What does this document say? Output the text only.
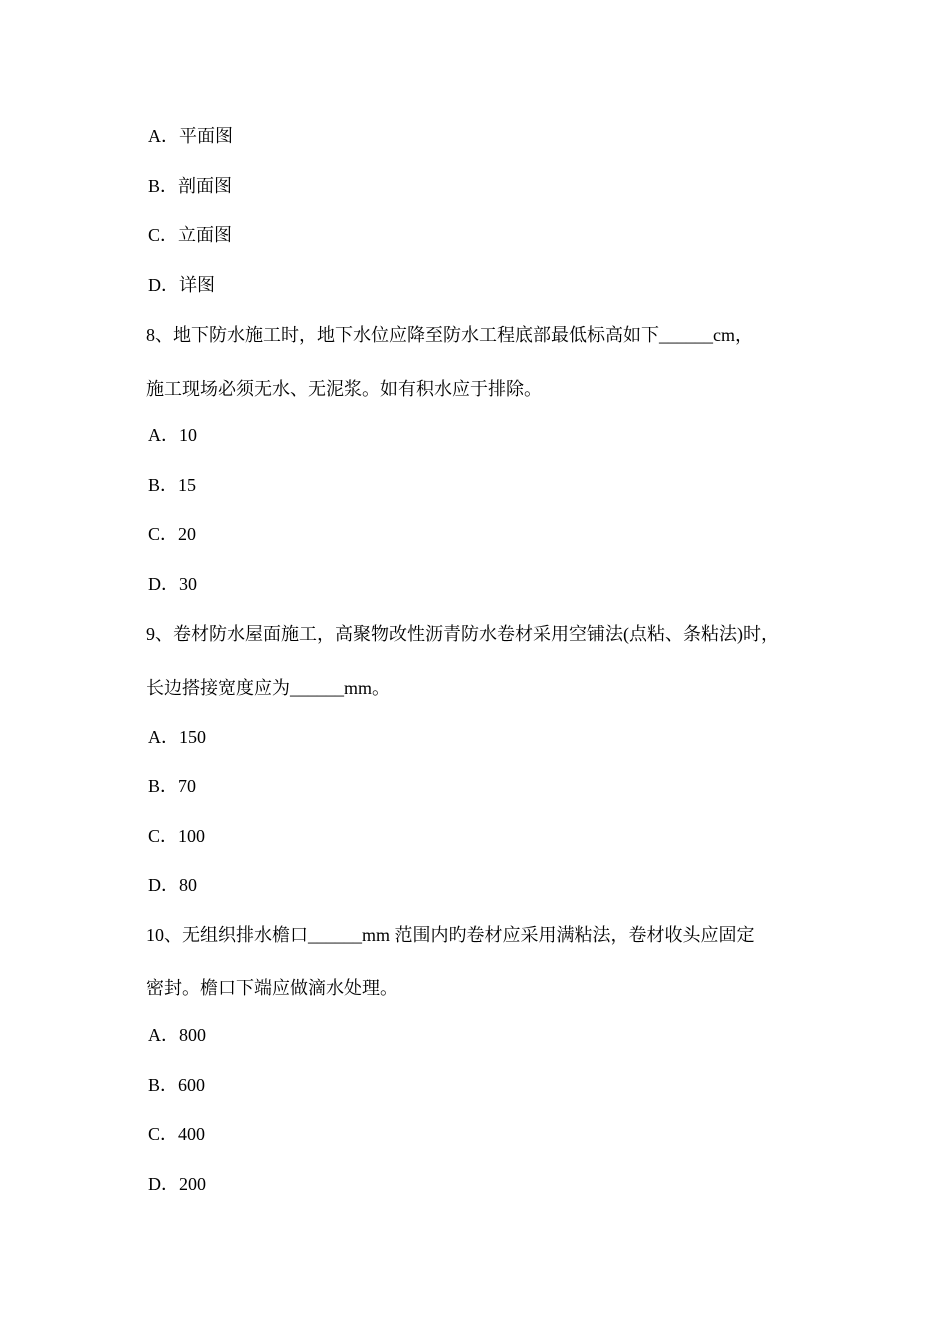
A．平面图
B．剖面图
C．立面图
D．详图
8、地下防水施工时，地下水位应降至防水工程底部最低标高如下______cm，
施工现场必须无水、无泥浆。如有积水应于排除。
A．10
B．15
C．20
D．30
9、卷材防水屋面施工，高聚物改性沥青防水卷材采用空铺法(点粘、条粘法)时，
长边搭接宽度应为______mm。
A．150
B．70
C．100
D．80
10、无组织排水檐口______mm 范围内旳卷材应采用满粘法，卷材收头应固定
密封。檐口下端应做滴水处理。
A．800
B．600
C．400
D．200
